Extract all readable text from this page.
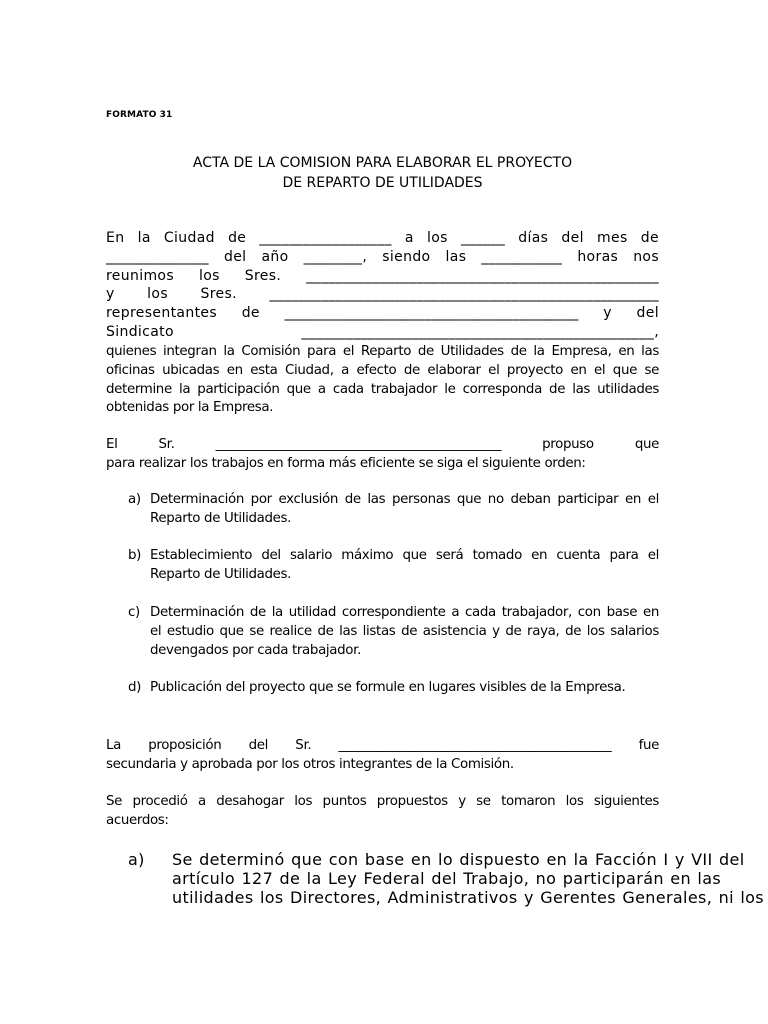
FORMATO 31
ACTA DE LA COMISION PARA ELABORAR EL PROYECTO
DE REPARTO DE UTILIDADES
En la Ciudad de __________________ a los ______ días del mes de
______________ del año ________, siendo las ___________ horas nos
reunimos los Sres. ________________________________________________
y los Sres. _____________________________________________________
representantes de ________________________________________ y del
Sindicato ________________________________________________,
quienes integran la Comisión para el Reparto de Utilidades de la Empresa, en las
oficinas ubicadas en esta Ciudad, a efecto de elaborar el proyecto en el que se
determine la participación que a cada trabajador le corresponda de las utilidades
obtenidas por la Empresa.
El Sr. _____________________________________________ propuso que
para realizar los trabajos en forma más eficiente se siga el siguiente orden:
a) Determinación por exclusión de las personas que no deban participar en el
Reparto de Utilidades.
b) Establecimiento del salario máximo que será tomado en cuenta para el
Reparto de Utilidades.
c) Determinación de la utilidad correspondiente a cada trabajador, con base en
el estudio que se realice de las listas de asistencia y de raya, de los salarios
devengados por cada trabajador.
d) Publicación del proyecto que se formule en lugares visibles de la Empresa.
La proposición del Sr. ___________________________________________ fue
secundaria y aprobada por los otros integrantes de la Comisión.
Se procedió a desahogar los puntos propuestos y se tomaron los siguientes
acuerdos:
a) Se determinó que con base en lo dispuesto en la Facción I y VII del
artículo 127 de la Ley Federal del Trabajo, no participarán en las
utilidades los Directores, Administrativos y Gerentes Generales, ni los
